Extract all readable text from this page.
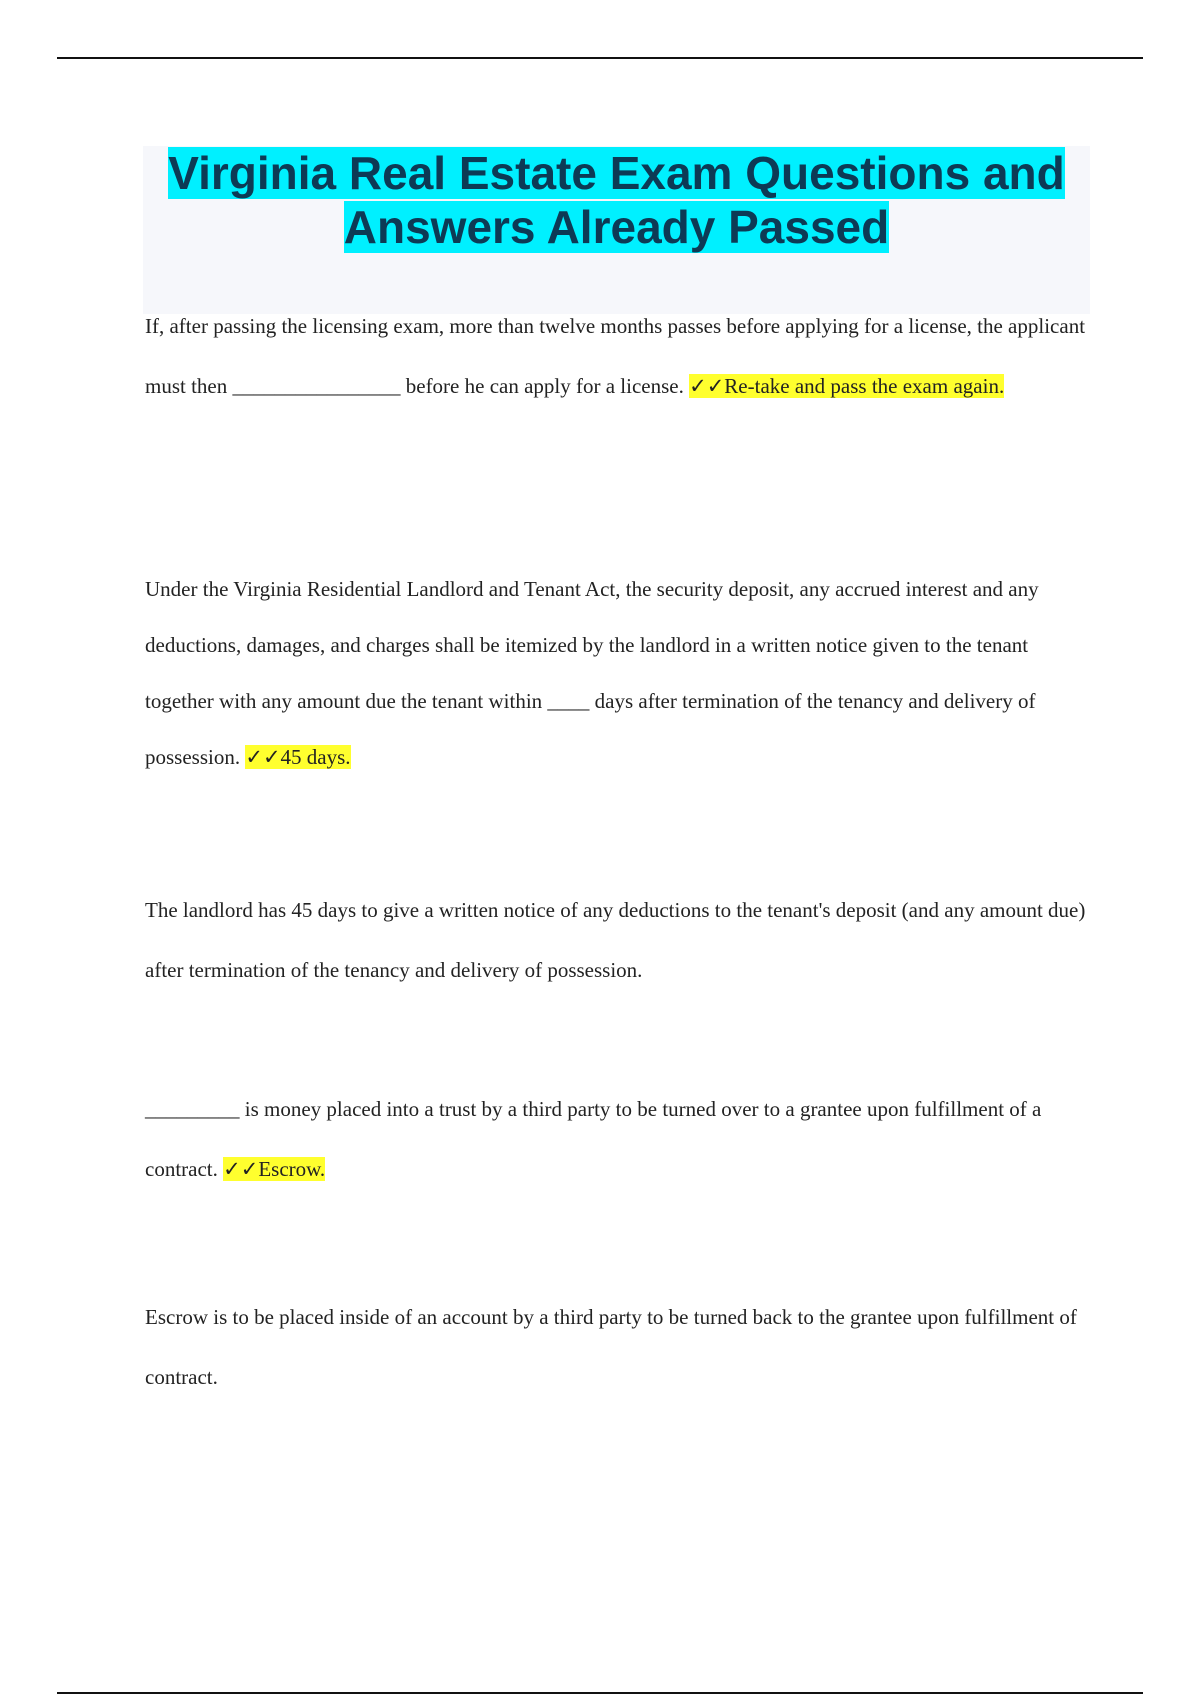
Virginia Real Estate Exam Questions and Answers Already Passed

If, after passing the licensing exam, more than twelve months passes before applying for a license, the applicant must then ________________ before he can apply for a license. ✓✓Re-take and pass the exam again.

Under the Virginia Residential Landlord and Tenant Act, the security deposit, any accrued interest and any deductions, damages, and charges shall be itemized by the landlord in a written notice given to the tenant together with any amount due the tenant within ____ days after termination of the tenancy and delivery of possession. ✓✓45 days.

The landlord has 45 days to give a written notice of any deductions to the tenant's deposit (and any amount due) after termination of the tenancy and delivery of possession.

_________ is money placed into a trust by a third party to be turned over to a grantee upon fulfillment of a contract. ✓✓Escrow.

Escrow is to be placed inside of an account by a third party to be turned back to the grantee upon fulfillment of contract.
